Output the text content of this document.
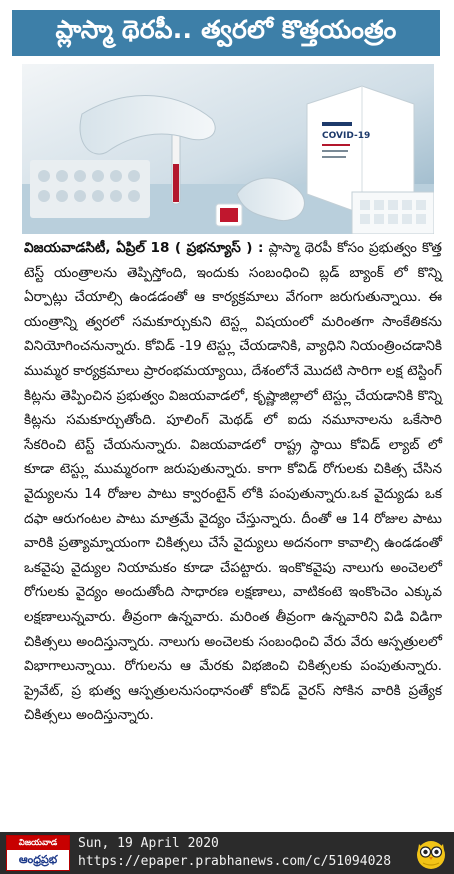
ప్లాస్మా థెరపీ.. త్వరలో కొత్తయంత్రం
COVID-19

విజయవాడసిటీ, ఏప్రిల్ 18 ( ప్రభన్యూస్ ) : ప్లాస్మా థెరపీ కోసం ప్రభుత్వం కొత్త టెస్ట్ యంత్రాలను తెప్పిస్తోంది, ఇందుకు సంబంధించి బ్లడ్ బ్యాంక్ లో కొన్ని ఏర్పాట్లు చేయాల్సి ఉండడంతో ఆ కార్యక్రమాలు వేగంగా జరుగుతున్నాయి. ఈ యంత్రాన్ని త్వరలో సమకూర్చుకుని టెస్ట్ల విషయంలో మరింతగా సాంకేతికను వినియోగించనున్నారు. కోవిడ్ -19 టెస్ట్లు చేయడానికి, వ్యాధిని నియంత్రించడానికి ముమ్మర కార్యక్రమాలు ప్రారంభమయ్యాయి, దేశంలోనే మొదటి సారిగా లక్ష టెస్టింగ్ కిట్లను తెప్పించిన ప్రభుత్వం విజయవాడలో, కృష్ణాజిల్లాలో టెస్ట్లు చేయడానికి కొన్ని కిట్లను సమకూర్చుతోంది. పూలింగ్ మెథడ్ లో ఐదు నమూనాలను ఒకేసారి సేకరించి టెస్ట్ చేయనున్నారు. విజయవాడలో రాష్ట్ర స్థాయి కోవిడ్ ల్యాబ్ లో కూడా టెస్ట్లు ముమ్మరంగా జరుపుతున్నారు. కాగా కోవిడ్ రోగులకు చికిత్స చేసిన వైద్యులను 14 రోజుల పాటు క్వారంటైన్ లోకి పంపుతున్నారు.ఒక వైద్యుడు ఒక దఫా ఆరుగంటల పాటు మాత్రమే వైద్యం చేస్తున్నారు. దీంతో ఆ 14 రోజుల పాటు వారికి ప్రత్యామ్నాయంగా చికిత్సలు చేసే వైద్యులు అదనంగా కావాల్సి ఉండడంతో ఒకవైపు వైద్యుల నియామకం కూడా చేపట్టారు. ఇంకొకవైపు నాలుగు అంచెలలో రోగులకు వైద్యం అందుతోంది సాధారణ లక్షణాలు, వాటికంటె ఇంకొంచెం ఎక్కువ లక్షణాలున్నవారు. తీవ్రంగా ఉన్నవారు. మరింత తీవ్రంగా ఉన్నవారిని విడి విడిగా చికిత్సలు అందిస్తున్నారు. నాలుగు అంచెలకు సంబంధించి వేరు వేరు ఆస్పత్రులలో విభాగాలున్నాయి. రోగులను ఆ మేరకు విభజించి చికిత్సలకు పంపుతున్నారు. ప్రైవేట్, ప్ర భుత్వ ఆస్పత్రులనుసంధానంతో కోవిడ్ వైరస్ సోకిన వారికి ప్రత్యేక చికిత్సలు అందిస్తున్నారు.

విజయవాడ
ఆంధ్రప్రభ
Sun, 19 April 2020
https://epaper.prabhanews.com/c/51094028
